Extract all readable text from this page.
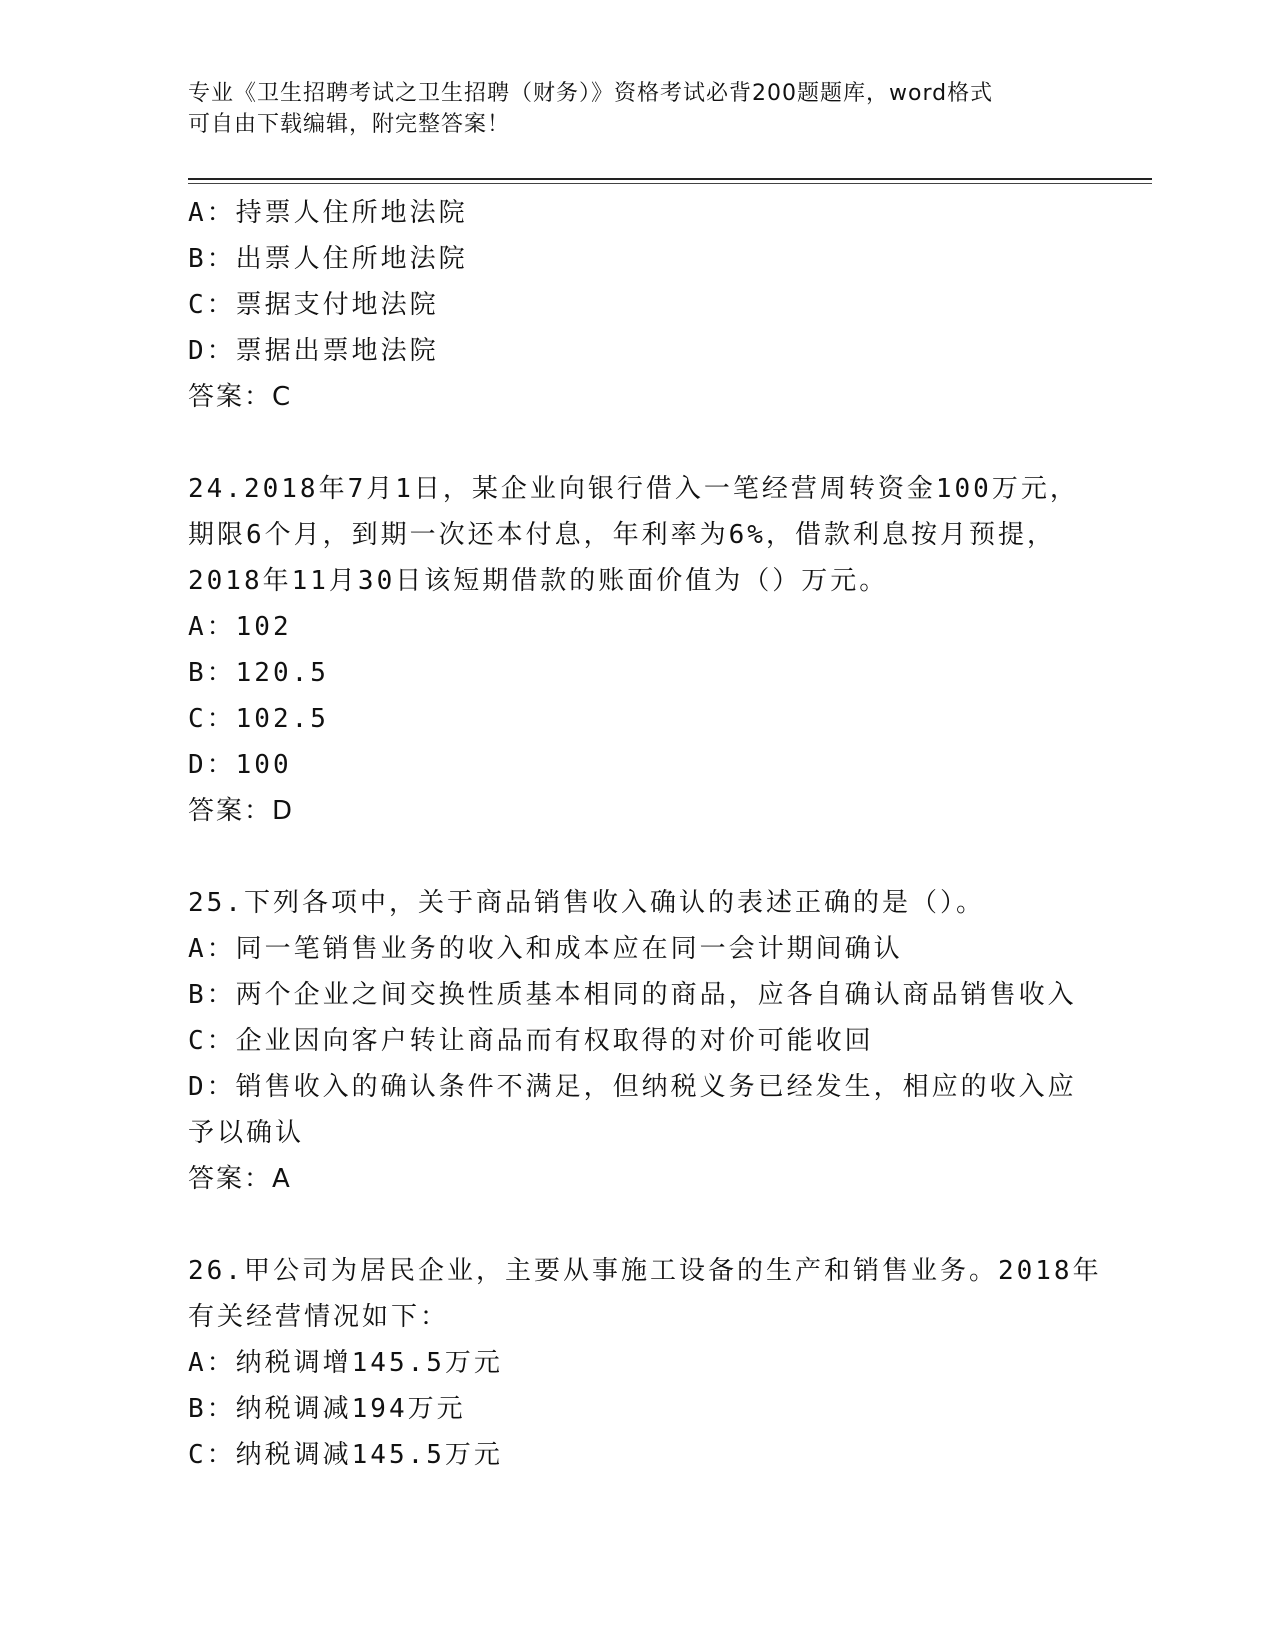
专业《卫生招聘考试之卫生招聘（财务）》资格考试必背200题题库，word格式
可自由下载编辑，附完整答案！
A：持票人住所地法院
B：出票人住所地法院
C：票据支付地法院
D：票据出票地法院
答案：C
24.2018年7月1日，某企业向银行借入一笔经营周转资金100万元，
期限6个月，到期一次还本付息，年利率为6%，借款利息按月预提，
2018年11月30日该短期借款的账面价值为（）万元。
A：102
B：120.5
C：102.5
D：100
答案：D
25.下列各项中，关于商品销售收入确认的表述正确的是（）。
A：同一笔销售业务的收入和成本应在同一会计期间确认
B：两个企业之间交换性质基本相同的商品，应各自确认商品销售收入
C：企业因向客户转让商品而有权取得的对价可能收回
D：销售收入的确认条件不满足，但纳税义务已经发生，相应的收入应
予以确认
答案：A
26.甲公司为居民企业，主要从事施工设备的生产和销售业务。2018年
有关经营情况如下：
A：纳税调增145.5万元
B：纳税调减194万元
C：纳税调减145.5万元
